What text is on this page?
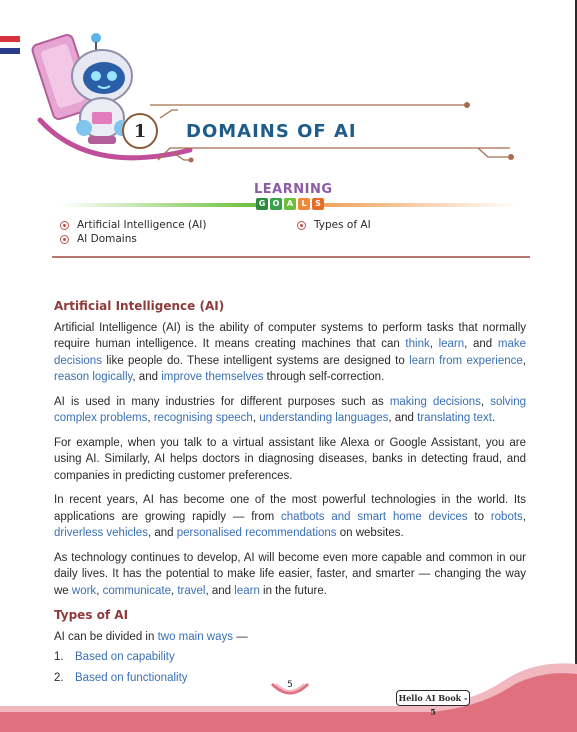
1	DOMAINS OF AI
LEARNING
G O A	L	S
Artificial Intelligence (AI)
AI Domains
Types of AI
Artificial Intelligence (AI)

Artificial Intelligence (AI) is the ability of computer systems to perform tasks that normally require human intelligence. It means creating machines that can think, learn, and make decisions like people do. These intelligent systems are designed to learn from experience, reason logically, and improve themselves through self-correction.

AI is used in many industries for different purposes such as making decisions, solving complex problems, recognising speech, understanding languages, and translating text.

For example, when you talk to a virtual assistant like Alexa or Google Assistant, you are using AI. Similarly, AI helps doctors in diagnosing diseases, banks in detecting fraud, and companies in predicting customer preferences.

In recent years, AI has become one of the most powerful technologies in the world. Its applications are growing rapidly — from chatbots and smart home devices to robots, driverless vehicles, and personalised recommendations on websites.

As technology continues to develop, AI will become even more capable and common in our daily lives. It has the potential to make life easier, faster, and smarter — changing the way we work, communicate, travel, and learn in the future.

Types of AI

AI can be divided in two main ways —

1. Based on capability
2. Based on functionality
5
Hello AI Book - 5
